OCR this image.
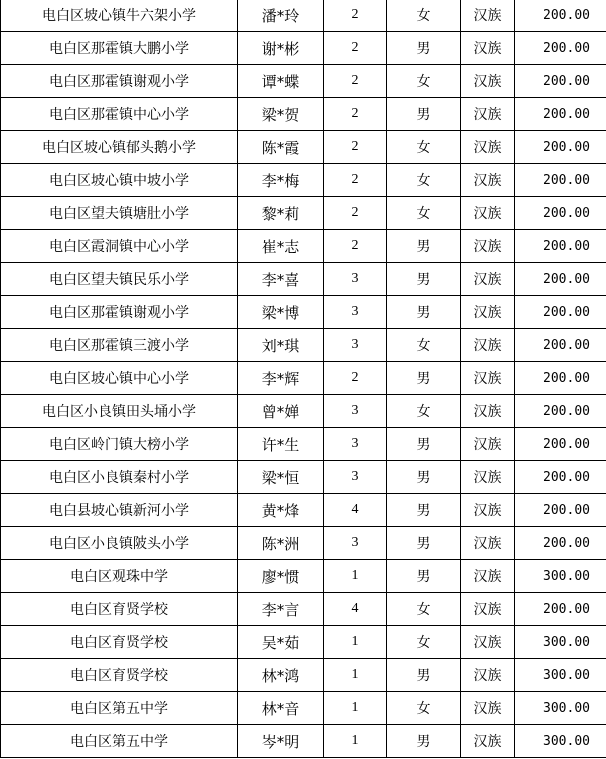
电白区坡心镇牛六架小学	潘*玲	2	女	汉族	200.00
电白区那霍镇大鹏小学	谢*彬	2	男	汉族	200.00
电白区那霍镇谢观小学	谭*蝶	2	女	汉族	200.00
电白区那霍镇中心小学	梁*贺	2	男	汉族	200.00
电白区坡心镇郁头鹅小学	陈*霞	2	女	汉族	200.00
电白区坡心镇中坡小学	李*梅	2	女	汉族	200.00
电白区望夫镇塘肚小学	黎*莉	2	女	汉族	200.00
电白区霞洞镇中心小学	崔*志	2	男	汉族	200.00
电白区望夫镇民乐小学	李*喜	3	男	汉族	200.00
电白区那霍镇谢观小学	梁*博	3	男	汉族	200.00
电白区那霍镇三渡小学	刘*琪	3	女	汉族	200.00
电白区坡心镇中心小学	李*辉	2	男	汉族	200.00
电白区小良镇田头埇小学	曾*婵	3	女	汉族	200.00
电白区岭门镇大榜小学	许*生	3	男	汉族	200.00
电白区小良镇秦村小学	梁*恒	3	男	汉族	200.00
电白县坡心镇新河小学	黄*烽	4	男	汉族	200.00
电白区小良镇陂头小学	陈*洲	3	男	汉族	200.00
电白区观珠中学	廖*惯	1	男	汉族	300.00
电白区育贤学校	李*言	4	女	汉族	200.00
电白区育贤学校	吴*茹	1	女	汉族	300.00
电白区育贤学校	林*鸿	1	男	汉族	300.00
电白区第五中学	林*音	1	女	汉族	300.00
电白区第五中学	岑*明	1	男	汉族	300.00
